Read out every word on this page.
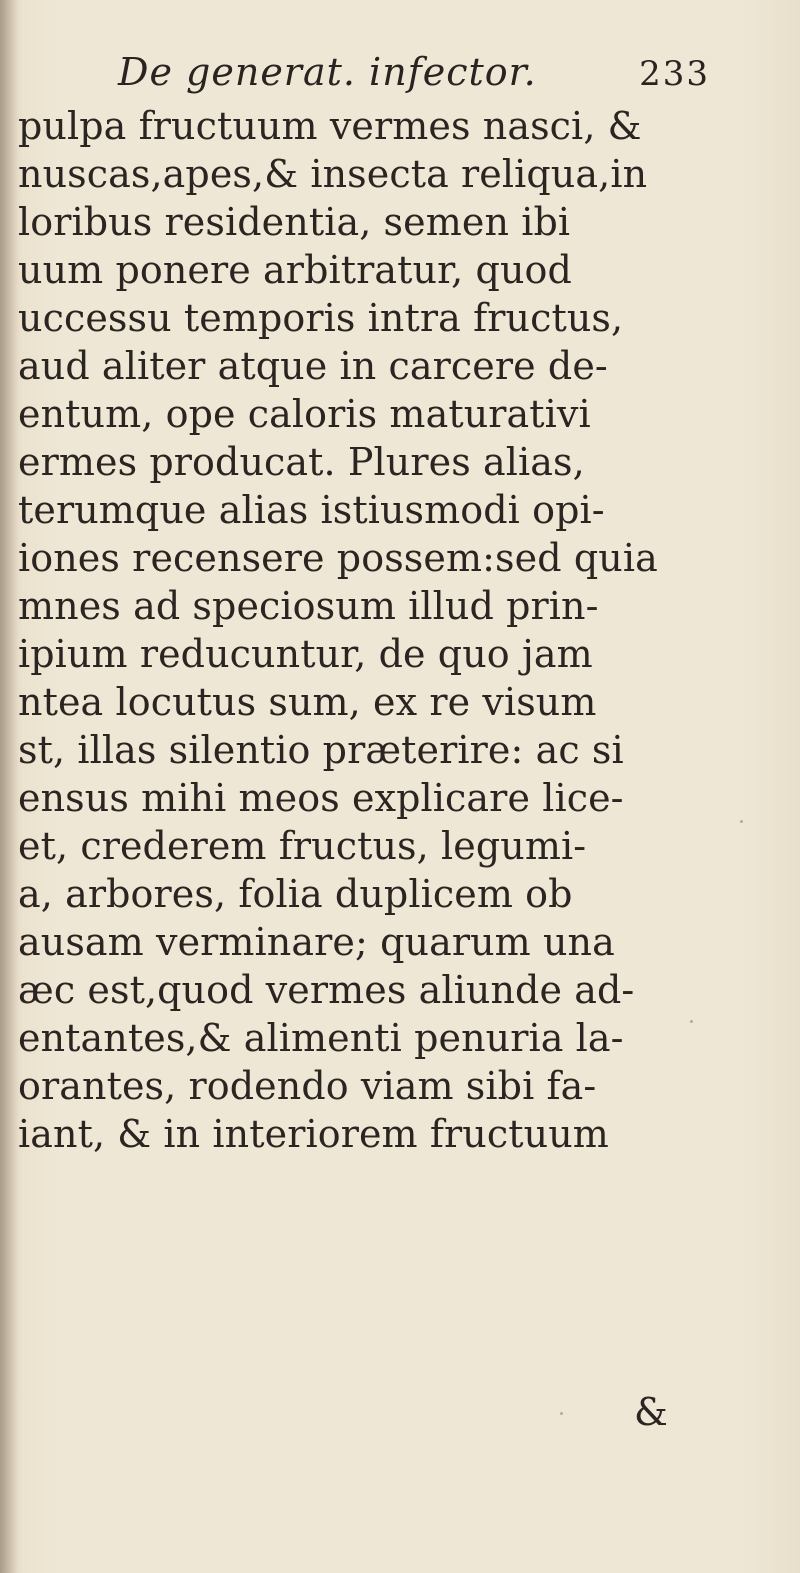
De generat. infector.	233
pulpa fructuum vermes nasci, &
nuscas,apes,& insecta reliqua,in
loribus residentia, semen ibi
uum ponere arbitratur, quod
uccessu temporis intra fructus,
aud aliter atque in carcere de-
entum, ope caloris maturativi
ermes producat. Plures alias,
terumque alias istiusmodi opi-
iones recensere possem:sed quia
mnes ad speciosum illud prin-
ipium reducuntur, de quo jam
ntea locutus sum, ex re visum
st, illas silentio præterire: ac si
ensus mihi meos explicare lice-
et, crederem fructus, legumi-
a, arbores, folia duplicem ob
ausam verminare; quarum una
æc est,quod vermes aliunde ad-
entantes,& alimenti penuria la-
orantes, rodendo viam sibi fa-
iant, & in interiorem fructuum
&
